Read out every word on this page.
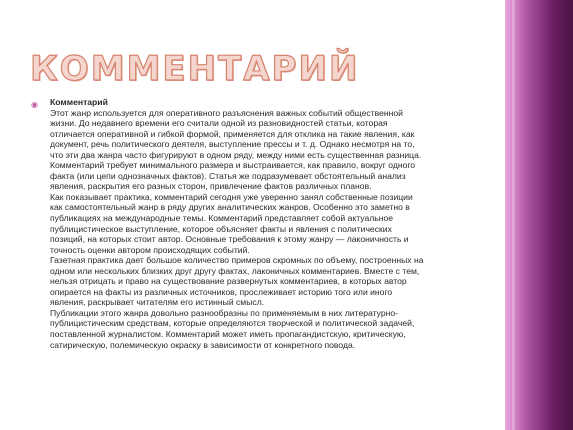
КОММЕНТАРИЙ
◉ Комментарий
Этот жанр используется для оперативного разъяснения важных событий общественной
жизни. До недавнего времени его считали одной из разновидностей статьи, которая
отличается оперативной и гибкой формой, применяется для отклика на такие явления, как
документ, речь политического деятеля, выступление прессы и т. д. Однако несмотря на то,
что эти два жанра часто фигурируют в одном ряду, между ними есть существенная разница.
Комментарий требует минимального размера и выстраивается, как правило, вокруг одного
факта (или цепи однозначных фактов). Статья же подразумевает обстоятельный анализ
явления, раскрытия его разных сторон, привлечение фактов различных планов.
Как показывает практика, комментарий сегодня уже уверенно занял собственные позиции
как самостоятельный жанр в ряду других аналитических жанров. Особенно это заметно в
публикациях на международные темы. Комментарий представляет собой актуальное
публицистическое выступление, которое объясняет факты и явления с политических
позиций, на которых стоит автор. Основные требования к этому жанру — лаконичность и
точность оценки автором происходящих событий.
Газетная практика дает большое количество примеров скромных по объему, построенных на
одном или нескольких близких друг другу фактах, лаконичных комментариев. Вместе с тем,
нельзя отрицать и право на существование развернутых комментариев, в которых автор
опирается на факты из различных источников, прослеживает историю того или иного
явления, раскрывает читателям его истинный смысл.
Публикации этого жанра довольно разнообразны по применяемым в них литературно-
публицистическим средствам, которые определяются творческой и политической задачей,
поставленной журналистом. Комментарий может иметь пропагандистскую, критическую,
сатирическую, полемическую окраску в зависимости от конкретного повода.
